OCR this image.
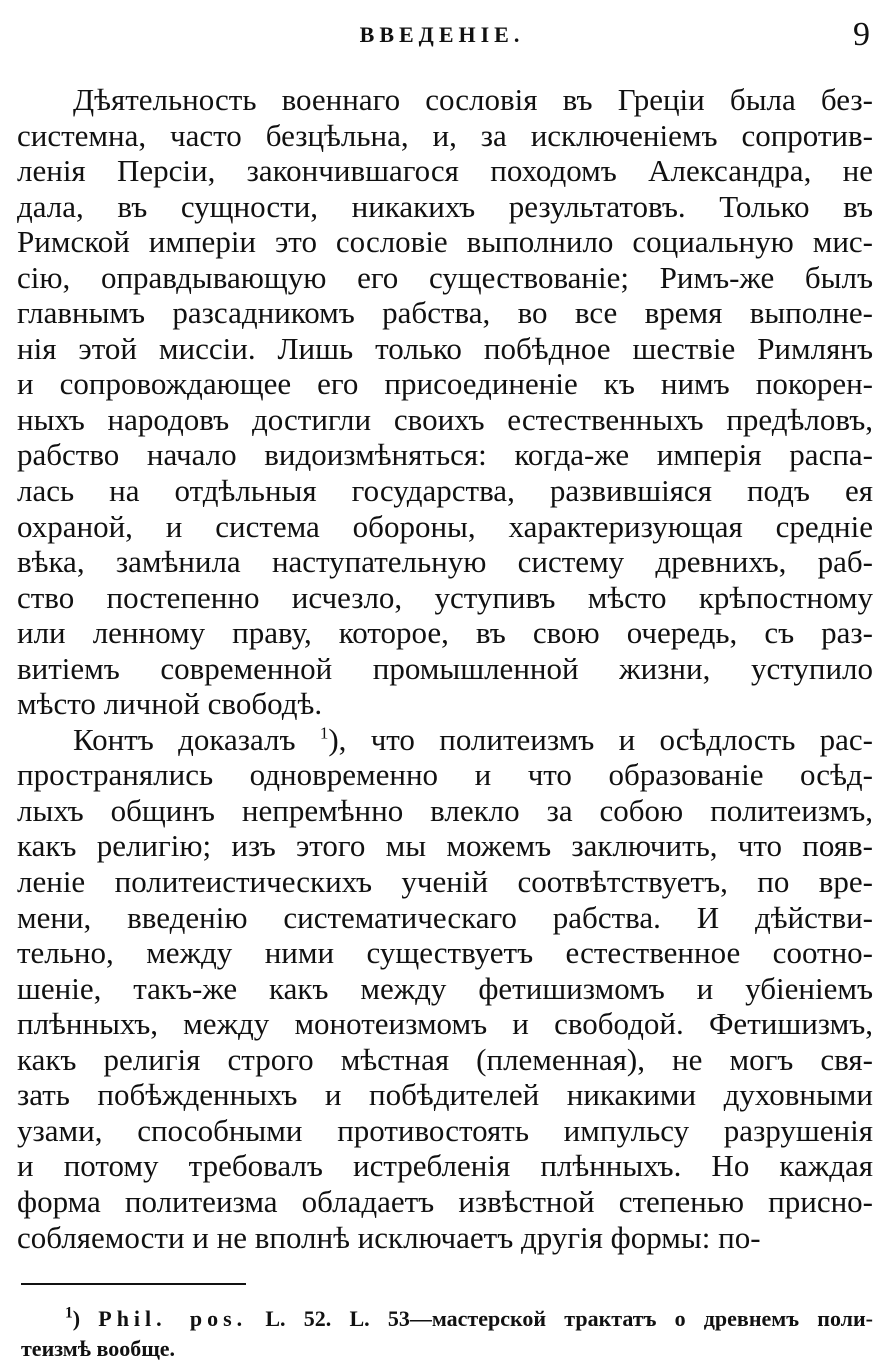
ВВЕДЕНІЕ.	9
Дѣятельность военнаго сословія въ Греціи была без-
системна, часто безцѣльна, и, за исключеніемъ сопротив-
ленія Персіи, закончившагося походомъ Александра, не
дала, въ сущности, никакихъ результатовъ. Только въ
Римской имперіи это сословіе выполнило социальную мис-
сію, оправдывающую его существованіе; Римъ-же былъ
главнымъ разсадникомъ рабства, во все время выполне-
нія этой миссіи. Лишь только побѣдное шествіе Римлянъ
и сопровождающее его присоединеніе къ нимъ покорен-
ныхъ народовъ достигли своихъ естественныхъ предѣловъ,
рабство начало видоизмѣняться: когда-же имперія распа-
лась на отдѣльныя государства, развившіяся подъ ея
охраной, и система обороны, характеризующая средніе
вѣка, замѣнила наступательную систему древнихъ, раб-
ство постепенно исчезло, уступивъ мѣсто крѣпостному
или ленному праву, которое, въ свою очередь, съ раз-
витіемъ современной промышленной жизни, уступило
мѣсто личной свободѣ.
Контъ доказалъ $^1$), что политеизмъ и осѣдлость рас-
пространялись одновременно и что образованіе осѣд-
лыхъ общинъ непремѣнно влекло за собою политеизмъ,
какъ религію; изъ этого мы можемъ заключить, что появ-
леніе политеистическихъ ученій соотвѣтствуетъ, по вре-
мени, введенію систематическаго рабства. И дѣйстви-
тельно, между ними существуетъ естественное соотно-
шеніе, такъ-же какъ между фетишизмомъ и убіеніемъ
плѣнныхъ, между монотеизмомъ и свободой. Фетишизмъ,
какъ религія строго мѣстная (племенная), не могъ свя-
зать побѣжденныхъ и побѣдителей никакими духовными
узами, способными противостоять импульсу разрушенія
и потому требовалъ истребленія плѣнныхъ. Но каждая
форма политеизма обладаетъ извѣстной степенью присно-
собляемости и не вполнѣ исключаетъ другія формы: по-
$^1$) Phil. pos. L. 52. L. 53—мастерской трактатъ о древнемъ поли-
теизмѣ вообще.
